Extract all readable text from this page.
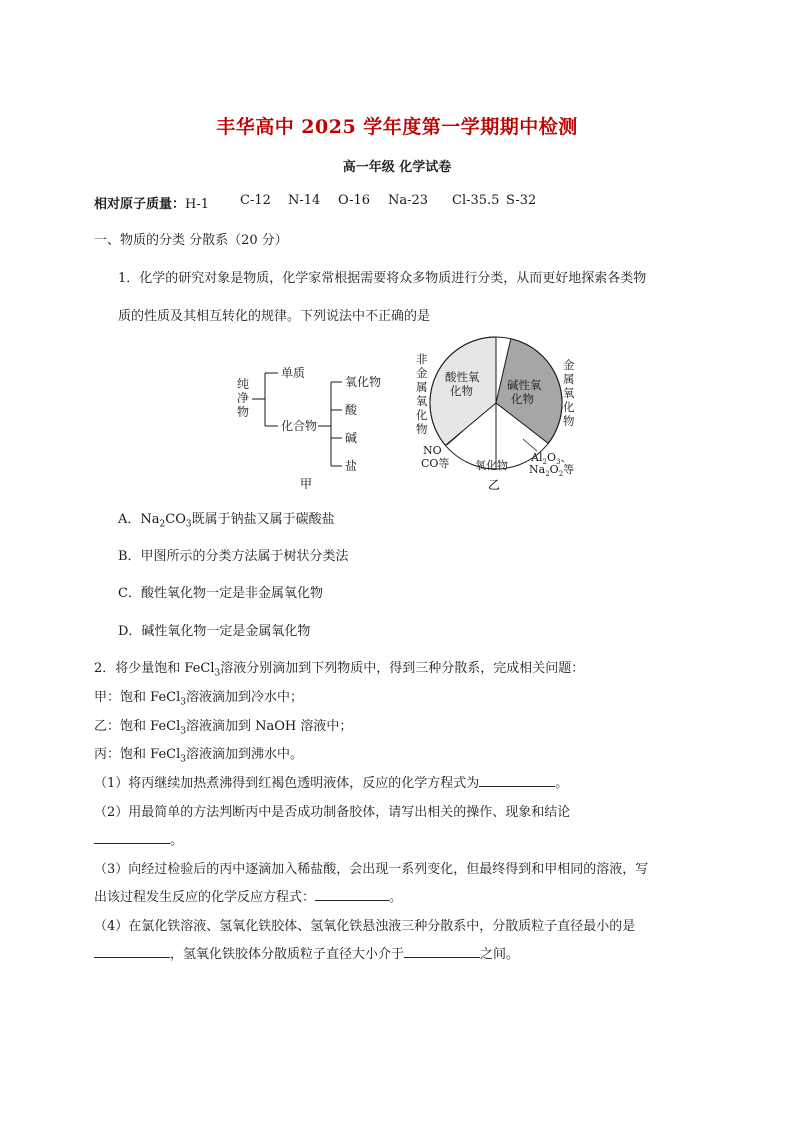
丰华高中 2025 学年度第一学期期中检测
高一年级 化学试卷
相对原子质量：H-1 C-12 N-14 O-16 Na-23 Cl-35.5 S-32
一、物质的分类 分散系（20 分）
1．化学的研究对象是物质，化学家常根据需要将众多物质进行分类，从而更好地探索各类物
质的性质及其相互转化的规律。下列说法中不正确的是
纯
净
物
单质
化合物
氧化物
酸
碱
盐
甲
非
金
属
氧
化
物
金
属
氧
化
物
酸性氧
化物	碱性氧
化物
NO
CO等 氧化物
$Al_2O_3$、
$Na_2O_2$等
乙
A．$Na_2CO_3$既属于钠盐又属于碳酸盐
B．甲图所示的分类方法属于树状分类法
C．酸性氧化物一定是非金属氧化物
D．碱性氧化物一定是金属氧化物
2．将少量饱和 FeCl$_3$溶液分别滴加到下列物质中，得到三种分散系，完成相关问题：
甲：饱和 FeCl$_3$溶液滴加到冷水中；
乙：饱和 FeCl$_3$溶液滴加到 NaOH 溶液中；
丙：饱和 FeCl$_3$溶液滴加到沸水中。
（1）将丙继续加热煮沸得到红褐色透明液体，反应的化学方程式为	。
（2）用最简单的方法判断丙中是否成功制备胶体，请写出相关的操作、现象和结论
。
（3）向经过检验后的丙中逐滴加入稀盐酸，会出现一系列变化，但最终得到和甲相同的溶液，写
出该过程发生反应的化学反应方程式：	。
（4）在氯化铁溶液、氢氧化铁胶体、氢氧化铁悬浊液三种分散系中，分散质粒子直径最小的是
，氢氧化铁胶体分散质粒子直径大小介于	之间。
